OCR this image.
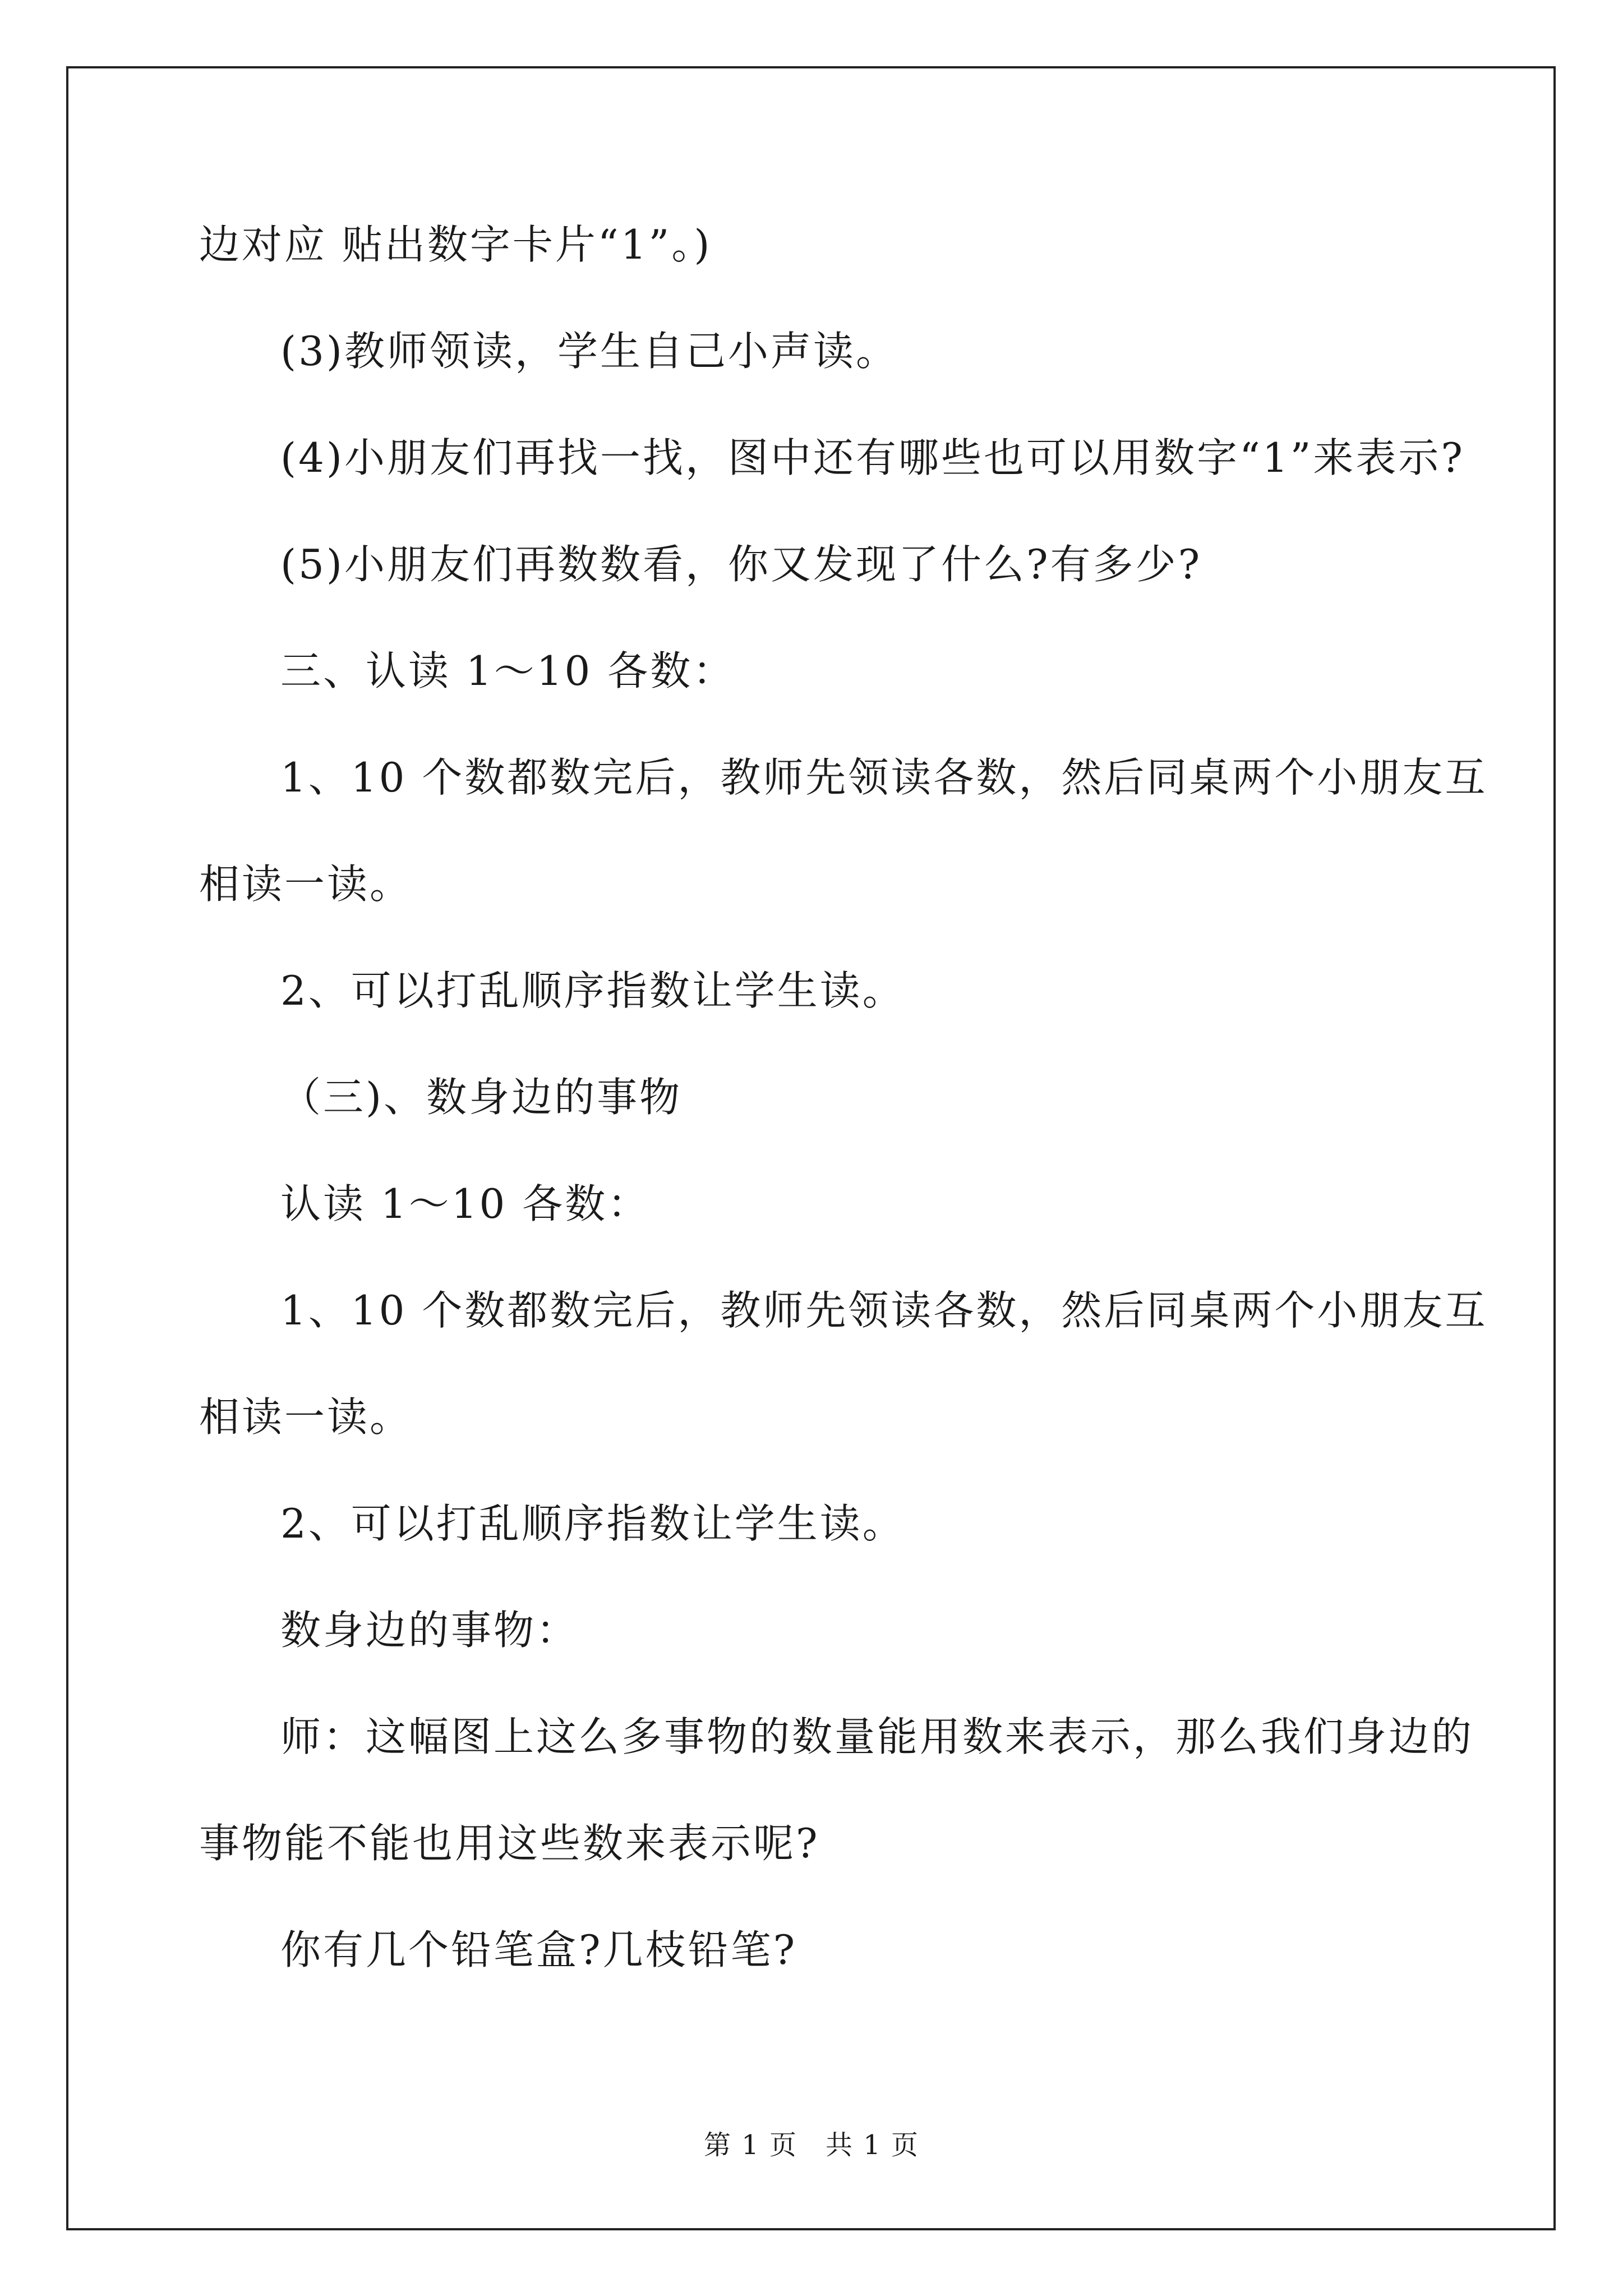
边对应 贴出数字卡片“1”。)

(3)教师领读，学生自己小声读。

(4)小朋友们再找一找，图中还有哪些也可以用数字“1”来表示?

(5)小朋友们再数数看，你又发现了什么?有多少?

三、认读 1～10 各数：

1、10 个数都数完后，教师先领读各数，然后同桌两个小朋友互

相读一读。

2、可以打乱顺序指数让学生读。

（三)、数身边的事物

认读 1～10 各数：

1、10 个数都数完后，教师先领读各数，然后同桌两个小朋友互

相读一读。

2、可以打乱顺序指数让学生读。

数身边的事物：

师：这幅图上这么多事物的数量能用数来表示，那么我们身边的

事物能不能也用这些数来表示呢?

你有几个铅笔盒?几枝铅笔?

第 1 页　共 1 页
